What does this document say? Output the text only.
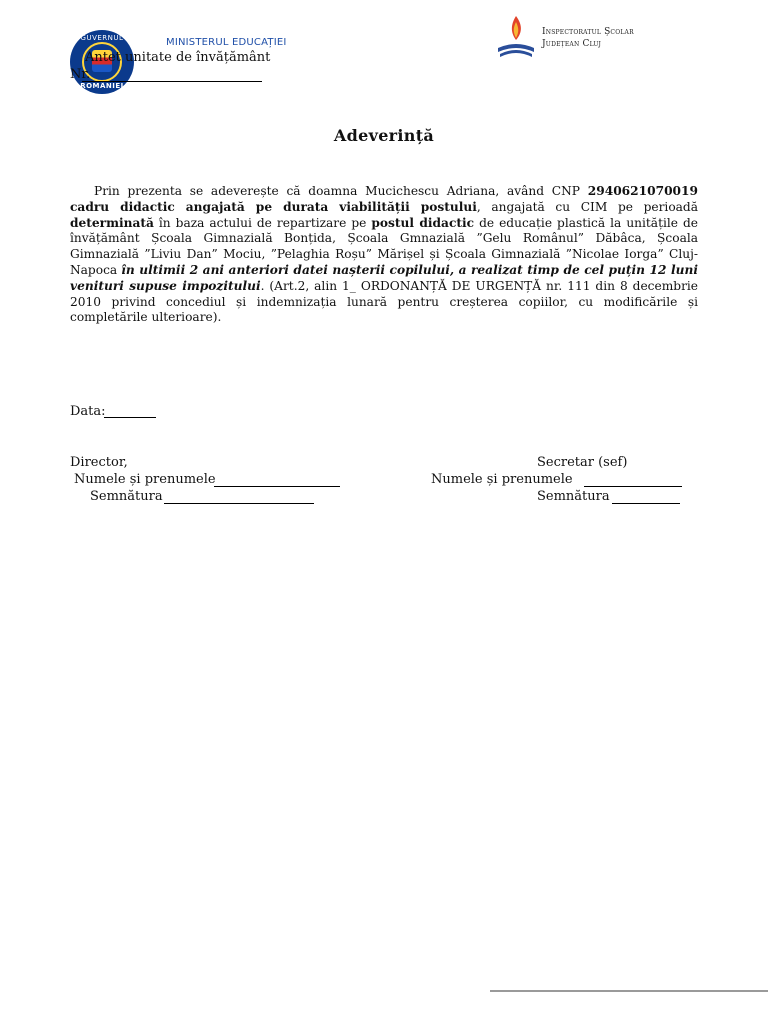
GUVERNUL
ROMÂNIEI
MINISTERUL EDUCAȚIEI
Inspectoratul Școlar
Județean Cluj
Antet unitate de învățământ
Nr.
Adeverință
Prin prezenta se adeverește că doamna Mucichescu Adriana, având CNP 2940621070019 cadru didactic angajată pe durata viabilității postului, angajată cu CIM pe perioadă determinată în baza actului de repartizare pe postul didactic de educație plastică la unitățile de învățământ Școala Gimnazială Bonțida, Școala Gmnazială ”Gelu Românul” Dăbâca, Școala Gimnazială ”Liviu Dan” Mociu, ”Pelaghia Roșu” Mărișel și Școala Gimnazială ”Nicolae Iorga” Cluj-Napoca în ultimii 2 ani anteriori datei nașterii copilului, a realizat timp de cel puțin 12 luni venituri supuse impozitului. (Art.2, alin 1_ ORDONANȚĂ DE URGENȚĂ nr. 111 din 8 decembrie 2010 privind concediul și indemnizația lunară pentru creșterea copiilor, cu modificările și completările ulterioare).
Data:
Director,
Numele și prenumele
Semnătura
Secretar (sef)
Numele și prenumele
Semnătura
